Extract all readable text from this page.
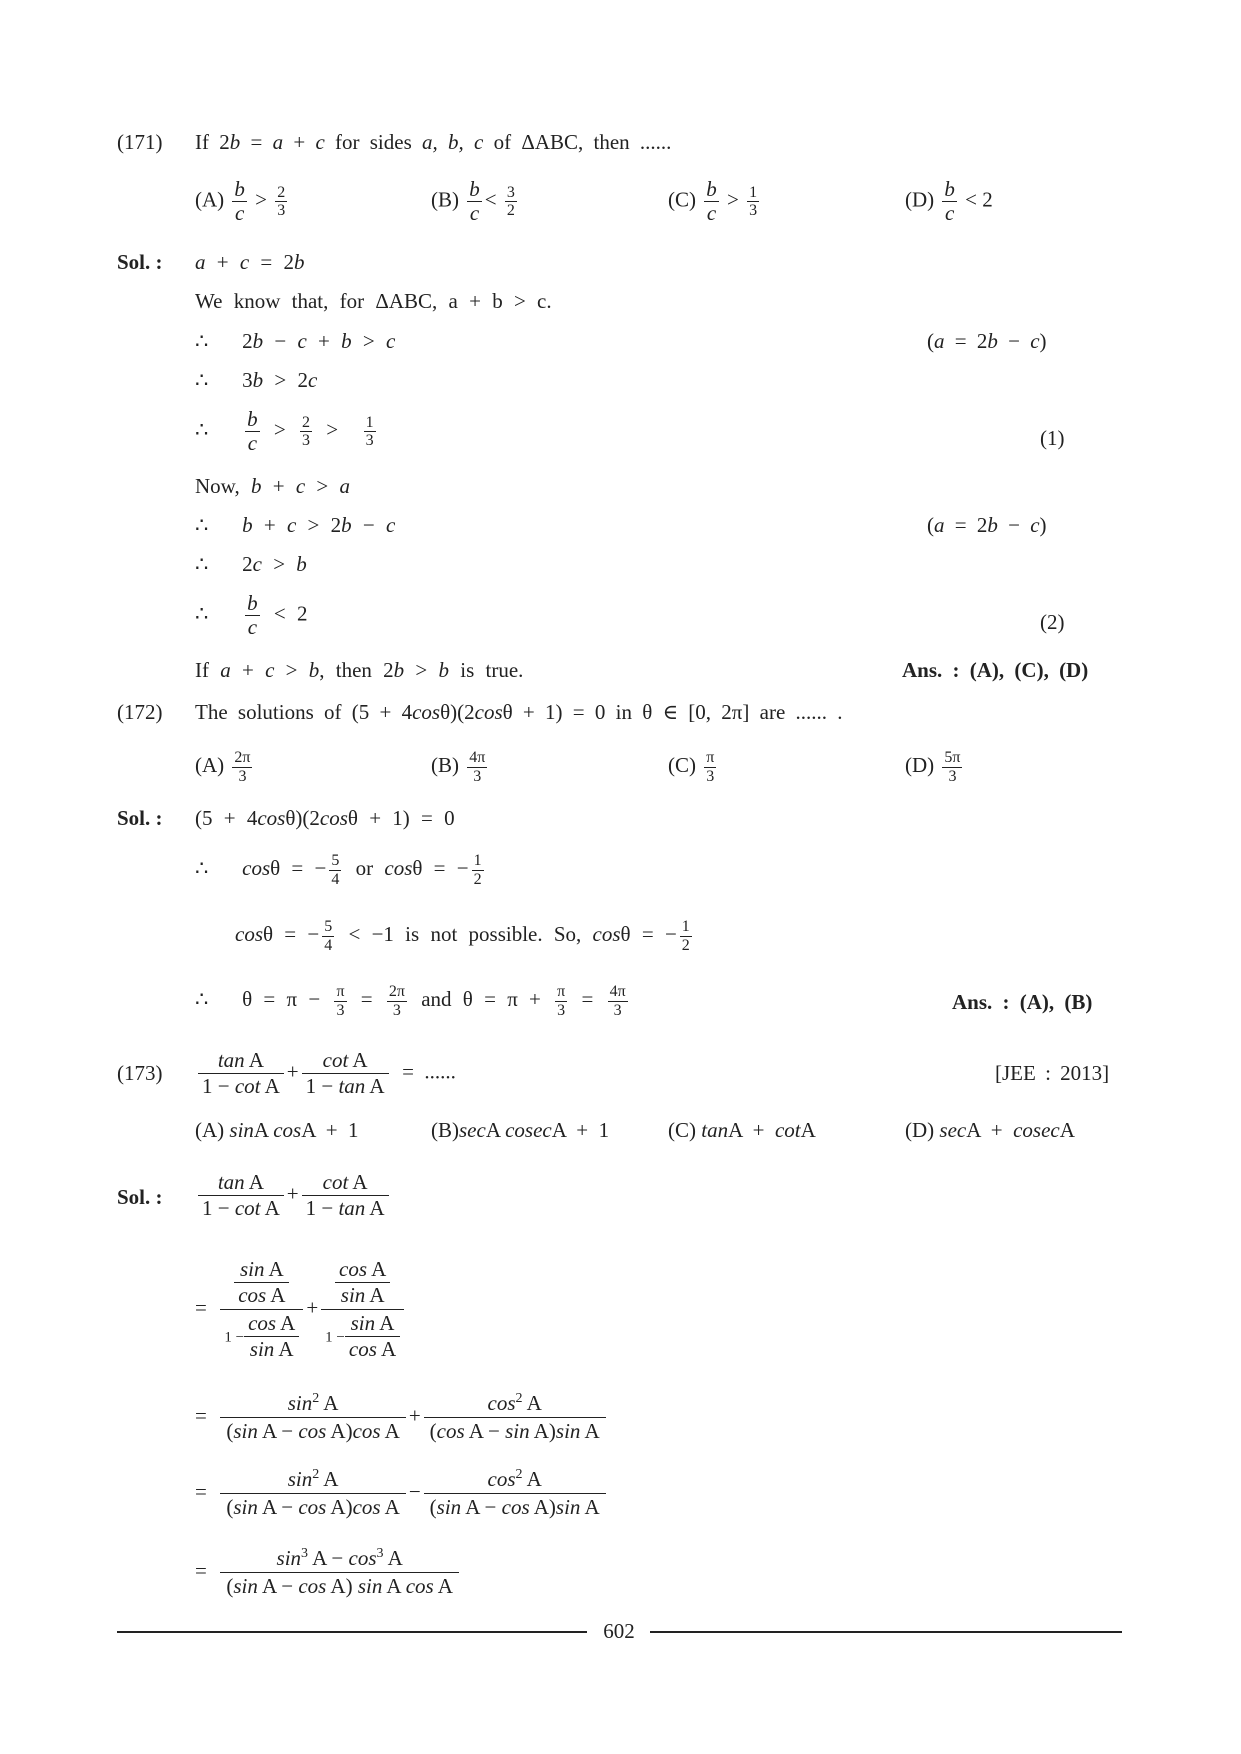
(171) If 2b = a + c for sides a, b, c of ΔABC, then ......
$(A) \frac{b}{c} > \frac{2}{3}$	$(B) \frac{b}{c} < \frac{3}{2}$	$(C) \frac{b}{c} > \frac{1}{3}$	$(D) \frac{b}{c} < 2$
Sol. : a + c = 2b
We know that, for ΔABC, a + b > c.
∴   2b − c + b > c	(a = 2b − c)
∴   3b > 2c
∴ $\frac{b}{c} > \frac{2}{3} > \frac{1}{3}$	(1)
Now, b + c > a
∴   b + c > 2b − c	(a = 2b − c)
∴   2c > b
∴ $\frac{b}{c} < 2$	(2)
If a + c > b, then 2b > b is true.	Ans. : (A), (C), (D)
(172) The solutions of (5 + 4cosθ)(2cosθ + 1) = 0 in θ ∈ [0, 2π] are ...... .
$(A) \frac{2\pi}{3}$	$(B) \frac{4\pi}{3}$	$(C) \frac{\pi}{3}$	$(D) \frac{5\pi}{3}$
Sol. : (5 + 4cosθ)(2cosθ + 1) = 0
∴   cosθ = − $\frac{5}{4}$ or cosθ = − $\frac{1}{2}$
cosθ = − $\frac{5}{4} < -1$ is not possible. So, cosθ = − $\frac{1}{2}$
∴   $\theta = \pi - \frac{\pi}{3} = \frac{2\pi}{3}$ and $\theta = \pi + \frac{\pi}{3} = \frac{4\pi}{3}$	Ans. : (A), (B)
$(173) \frac{\text{tan A}}{\text{1 − cot A}} + \frac{\text{cot A}}{\text{1 − tan A}}$ =  ......	[JEE : 2013]
(A) sinA cosA  +  1	(B)secA cosecA  +  1	(C) tanA  +  cotA	(D) secA  +  cosecA
Sol. : $\frac{\text{tan A}}{\text{1 − cot A}} + \frac{\text{cot A}}{\text{1 − tan A}}$
= $\frac{\frac{\text{sin A}}{\text{cos A}}}{1 - \frac{\text{cos A}}{\text{sin A}}} + \frac{\frac{\text{cos A}}{\text{sin A}}}{1 - \frac{\text{sin A}}{\text{cos A}}}$
= $\frac{\sin^2 A}{\text{(sin A − cos A)cos A}} + \frac{\cos^2 A}{\text{(cos A − sin A)sin A}}$
= $\frac{\sin^2 A}{\text{(sin A − cos A)cos A}} - \frac{\cos^2 A}{\text{(sin A − cos A)sin A}}$
= $\frac{\sin^3 A - \cos^3 A}{\text{(sin A − cos A) sin A cos A}}$
602
